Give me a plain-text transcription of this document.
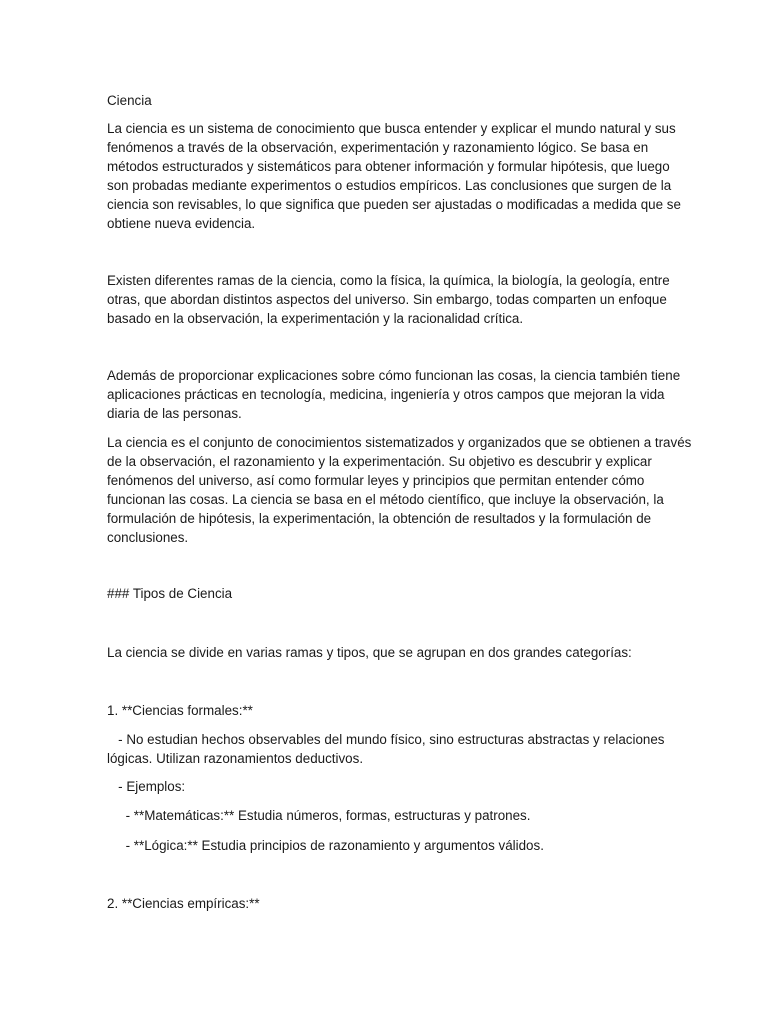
Ciencia

La ciencia es un sistema de conocimiento que busca entender y explicar el mundo natural y sus
fenómenos a través de la observación, experimentación y razonamiento lógico. Se basa en
métodos estructurados y sistemáticos para obtener información y formular hipótesis, que luego
son probadas mediante experimentos o estudios empíricos. Las conclusiones que surgen de la
ciencia son revisables, lo que significa que pueden ser ajustadas o modificadas a medida que se
obtiene nueva evidencia.

Existen diferentes ramas de la ciencia, como la física, la química, la biología, la geología, entre
otras, que abordan distintos aspectos del universo. Sin embargo, todas comparten un enfoque
basado en la observación, la experimentación y la racionalidad crítica.

Además de proporcionar explicaciones sobre cómo funcionan las cosas, la ciencia también tiene
aplicaciones prácticas en tecnología, medicina, ingeniería y otros campos que mejoran la vida
diaria de las personas.

La ciencia es el conjunto de conocimientos sistematizados y organizados que se obtienen a través
de la observación, el razonamiento y la experimentación. Su objetivo es descubrir y explicar
fenómenos del universo, así como formular leyes y principios que permitan entender cómo
funcionan las cosas. La ciencia se basa en el método científico, que incluye la observación, la
formulación de hipótesis, la experimentación, la obtención de resultados y la formulación de
conclusiones.

### Tipos de Ciencia

La ciencia se divide en varias ramas y tipos, que se agrupan en dos grandes categorías:

1. **Ciencias formales:**

- No estudian hechos observables del mundo físico, sino estructuras abstractas y relaciones
lógicas. Utilizan razonamientos deductivos.

- Ejemplos:

- **Matemáticas:** Estudia números, formas, estructuras y patrones.

- **Lógica:** Estudia principios de razonamiento y argumentos válidos.

2. **Ciencias empíricas:**
